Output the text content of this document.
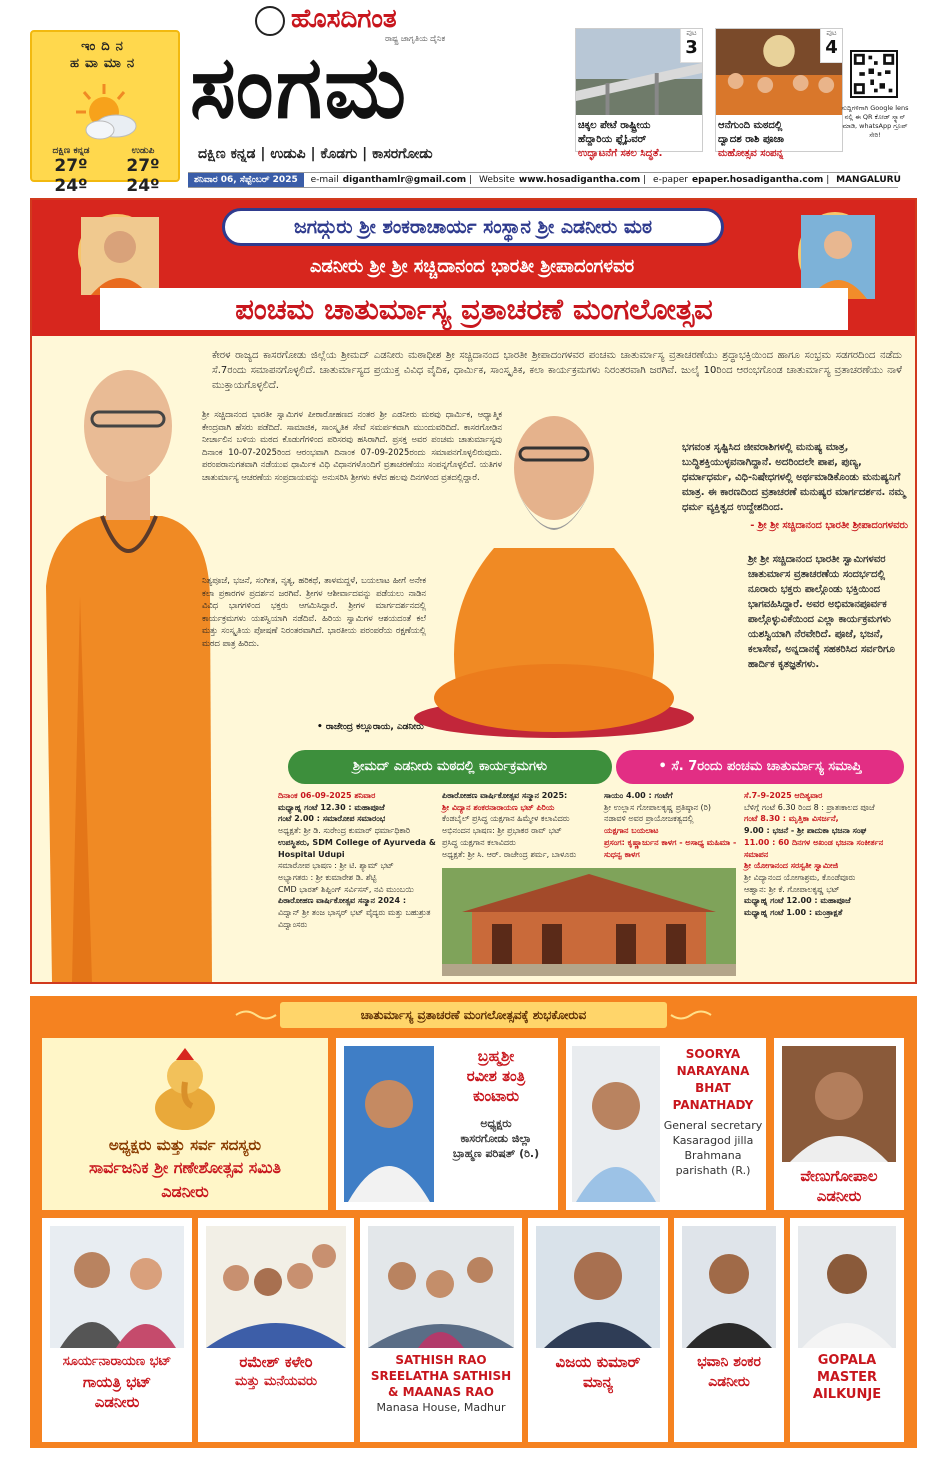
ಇಂದಿನ
ಹವಾಮಾನ
ದಕ್ಷಿಣ ಕನ್ನಡ
27º 24º
ಉಡುಪಿ
27º 24º
ಹೊಸದಿಗಂತ
ರಾಷ್ಟ್ರ ಜಾಗೃತಿಯ ದೈನಿಕ
ಸಂಗಮ
ದಕ್ಷಿಣ ಕನ್ನಡ | ಉಡುಪಿ | ಕೊಡಗು | ಕಾಸರಗೋಡು
ಪುಟ
3
ಚಿಕ್ಕಲ ಪೇಟೆ ರಾಷ್ಟ್ರೀಯ
ಹೆದ್ದಾರಿಯ ಫ್ಲೈಓವರ್
ಉದ್ಘಾಟನೆಗೆ ಸಕಲ ಸಿದ್ಧತೆ.
ಪುಟ
4
ಆನೆಗುಂದಿ ಮಠದಲ್ಲಿ
ದ್ವಾದಶ ರಾಶಿ ಪೂಜಾ
ಮಹೋತ್ಸವ ಸಂಪನ್ನ
ಸುದ್ದಿಗಳಿಗಾಗಿ Google lens ನಲ್ಲಿ ಈ QR ಕೋಡ್ ಸ್ಕ್ಯಾನ್ ಮಾಡಿ, whatsApp ಗ್ರೂಪ್ ಸೇರಿ!
ಶನಿವಾರ 06, ಸೆಪ್ಟೆಂಬರ್ 2025 e-mail diganthamlr@gmail.com | Website www.hosadigantha.com | e-paper epaper.hosadigantha.com | MANGALURU
ಜಗದ್ಗುರು ಶ್ರೀ ಶಂಕರಾಚಾರ್ಯ ಸಂಸ್ಥಾನ ಶ್ರೀ ಎಡನೀರು ಮಠ
ಎಡನೀರು ಶ್ರೀ ಶ್ರೀ ಸಚ್ಚಿದಾನಂದ ಭಾರತೀ ಶ್ರೀಪಾದಂಗಳವರ
ಪಂಚಮ ಚಾತುರ್ಮಾಸ್ಯ ವ್ರತಾಚರಣೆ ಮಂಗಲೋತ್ಸವ
ಕೇರಳ ರಾಜ್ಯದ ಕಾಸರಗೋಡು ಜಿಲ್ಲೆಯ ಶ್ರೀಮದ್ ಎಡನೀರು ಮಠಾಧೀಶ ಶ್ರೀ ಸಚ್ಚಿದಾನಂದ ಭಾರತೀ ಶ್ರೀಪಾದಂಗಳವರ ಪಂಚಮ ಚಾತುರ್ಮಾಸ್ಯ ವ್ರತಾಚರಣೆಯು ಶ್ರದ್ಧಾಭಕ್ತಿಯಿಂದ ಹಾಗೂ ಸಂಭ್ರಮ ಸಡಗರದಿಂದ ನಡೆದು ಸೆ.7ರಂದು ಸಮಾಪನಗೊಳ್ಳಲಿದೆ. ಚಾತುರ್ಮಾಸ್ಯದ ಪ್ರಯುಕ್ತ ವಿವಿಧ ವೈದಿಕ, ಧಾರ್ಮಿಕ, ಸಾಂಸ್ಕೃತಿಕ, ಕಲಾ ಕಾರ್ಯಕ್ರಮಗಳು ನಿರಂತರವಾಗಿ ಜರಗಿವೆ. ಜುಲೈ 10ರಿಂದ ಆರಂಭಗೊಂಡ ಚಾತುರ್ಮಾಸ್ಯ ವ್ರತಾಚರಣೆಯು ನಾಳೆ ಮುಕ್ತಾಯಗೊಳ್ಳಲಿದೆ.
ಶ್ರೀ ಸಚ್ಚಿದಾನಂದ ಭಾರತೀ ಸ್ವಾಮಿಗಳ ಪೀಠಾರೋಹಣದ ನಂತರ ಶ್ರೀ ಎಡನೀರು ಮಠವು ಧಾರ್ಮಿಕ, ಆಧ್ಯಾತ್ಮಿಕ ಕೇಂದ್ರವಾಗಿ ಹೆಸರು ಪಡೆದಿದೆ. ಸಾಮಾಜಿಕ, ಸಾಂಸ್ಕೃತಿಕ ಸೇವೆ ಸಮರ್ಪಕವಾಗಿ ಮುಂದುವರಿದಿದೆ. ಕಾಸರಗೋಡಿನ ನೀರ್ಚಾಲಿನ ಬಳಿಯ ಮಠದ ಕೊಡುಗೆಗಳಿಂದ ಪರಿಸರವು ಹಸಿರಾಗಿದೆ. ಪ್ರಸಕ್ತ ಅವರ ಪಂಚಮ ಚಾತುರ್ಮಾಸ್ಯವು ದಿನಾಂಕ 10-07-2025ರಿಂದ ಆರಂಭವಾಗಿ ದಿನಾಂಕ 07-09-2025ರಂದು ಸಮಾಪನಗೊಳ್ಳಲಿರುವುದು. ಪರಂಪರಾನುಗತವಾಗಿ ನಡೆಯುವ ಧಾರ್ಮಿಕ ವಿಧಿ ವಿಧಾನಗಳೊಂದಿಗೆ ವ್ರತಾಚರಣೆಯು ಸಂಪನ್ನಗೊಳ್ಳಲಿದೆ. ಯತಿಗಳ ಚಾತುರ್ಮಾಸ್ಯ ಆಚರಣೆಯ ಸಂಪ್ರದಾಯವನ್ನು ಅನುಸರಿಸಿ ಶ್ರೀಗಳು ಕಳೆದ ಹಲವು ದಿನಗಳಿಂದ ವ್ರತದಲ್ಲಿದ್ದಾರೆ.
ನಿತ್ಯಪೂಜೆ, ಭಜನೆ, ಸಂಗೀತ, ನೃತ್ಯ, ಹರಿಕಥೆ, ತಾಳಮದ್ದಳೆ, ಬಯಲಾಟ ಹೀಗೆ ಅನೇಕ ಕಲಾ ಪ್ರಕಾರಗಳ ಪ್ರದರ್ಶನ ಜರಗಿವೆ. ಶ್ರೀಗಳ ಆಶೀರ್ವಾದವನ್ನು ಪಡೆಯಲು ನಾಡಿನ ವಿವಿಧ ಭಾಗಗಳಿಂದ ಭಕ್ತರು ಆಗಮಿಸಿದ್ದಾರೆ. ಶ್ರೀಗಳ ಮಾರ್ಗದರ್ಶನದಲ್ಲಿ ಕಾರ್ಯಕ್ರಮಗಳು ಯಶಸ್ವಿಯಾಗಿ ನಡೆದಿವೆ. ಹಿರಿಯ ಸ್ವಾಮಿಗಳ ಆಶಯದಂತೆ ಕಲೆ ಮತ್ತು ಸಂಸ್ಕೃತಿಯ ಪೋಷಣೆ ನಿರಂತರವಾಗಿದೆ. ಭಾರತೀಯ ಪರಂಪರೆಯ ರಕ್ಷಣೆಯಲ್ಲಿ ಮಠದ ಪಾತ್ರ ಹಿರಿದು.
• ರಾಜೇಂದ್ರ ಕಲ್ಲೂರಾಯ, ಎಡನೀರು
ಭಗವಂತ ಸೃಷ್ಟಿಸಿದ ಜೀವರಾಶಿಗಳಲ್ಲಿ ಮನುಷ್ಯ ಮಾತ್ರ, ಬುದ್ಧಿಶಕ್ತಿಯುಳ್ಳವನಾಗಿದ್ದಾನೆ. ಅದರಿಂದಲೇ ಪಾಪ, ಪುಣ್ಯ, ಧರ್ಮಾಧರ್ಮ, ವಿಧಿ-ನಿಷೇಧಗಳಲ್ಲಿ ಅರ್ಥಮಾಡಿಕೊಂಡು ಮನುಷ್ಯನಿಗೆ ಮಾತ್ರ. ಈ ಕಾರಣದಿಂದ ವ್ರತಾಚರಣೆ ಮನುಷ್ಯರ ಮಾರ್ಗದರ್ಶನ. ನಮ್ಮ ಧರ್ಮ ವ್ಯಕ್ತಿತ್ವದ ಉದ್ದೇಶದಿಂದ.
- ಶ್ರೀ ಶ್ರೀ ಸಚ್ಚಿದಾನಂದ ಭಾರತೀ ಶ್ರೀಪಾದಂಗಳವರು
ಶ್ರೀ ಶ್ರೀ ಸಚ್ಚಿದಾನಂದ ಭಾರತೀ ಸ್ವಾಮಿಗಳವರ ಚಾತುರ್ಮಾಸ ವ್ರತಾಚರಣೆಯ ಸಂದರ್ಭದಲ್ಲಿ ನೂರಾರು ಭಕ್ತರು ಪಾಲ್ಗೊಂಡು ಭಕ್ತಿಯಿಂದ ಭಾಗವಹಿಸಿದ್ದಾರೆ. ಅವರ ಅಭಿಮಾನಪೂರ್ವಕ ಪಾಲ್ಗೊಳ್ಳುವಿಕೆಯಿಂದ ಎಲ್ಲಾ ಕಾರ್ಯಕ್ರಮಗಳು ಯಶಸ್ವಿಯಾಗಿ ನೆರವೇರಿದೆ. ಪೂಜೆ, ಭಜನೆ, ಕಲಾಸೇವೆ, ಅನ್ನದಾನಕ್ಕೆ ಸಹಕರಿಸಿದ ಸರ್ವರಿಗೂ ಹಾರ್ದಿಕ ಕೃತಜ್ಞತೆಗಳು.
ಶ್ರೀಮದ್ ಎಡನೀರು ಮಠದಲ್ಲಿ ಕಾರ್ಯಕ್ರಮಗಳು	• ಸೆ. 7ರಂದು ಪಂಚಮ ಚಾತುರ್ಮಾಸ್ಯ ಸಮಾಪ್ತಿ
ದಿನಾಂಕ 06-09-2025 ಶನಿವಾರ
ಮಧ್ಯಾಹ್ನ ಗಂಟೆ 12.30 : ಮಹಾಪೂಜೆ
ಗಂಟೆ 2.00 : ಸಮಾರೋಪ ಸಮಾರಂಭ
ಅಧ್ಯಕ್ಷತೆ: ಶ್ರೀ ಡಿ. ಸುರೇಂದ್ರ ಕುಮಾರ್ ಧರ್ಮಾಧಿಕಾರಿ
ಉಪಸ್ಥಿತರು, SDM College of Ayurveda & Hospital Udupi
ಸಮಾರೋಪ ಭಾಷಣ : ಶ್ರೀ ಟಿ. ಶ್ಯಾಮ್ ಭಟ್
ಅಭ್ಯಾಗತರು : ಶ್ರೀ ಕುಮಾರೇಶ ಡಿ. ಶೆಟ್ಟಿ
CMD ಭಾರತ್ ಶಿಪ್ಪಿಂಗ್ ಸರ್ವಿಸಸ್, ನವಿ ಮುಂಬಯಿ
ಪಿಠಾರೋಹಣ ವಾರ್ಷಿಕೋತ್ಸವ ಸನ್ಮಾನ 2024 :
ವಿದ್ವಾನ್ ಶ್ರೀ ತಂಜ ಭಾಸ್ಕರ್ ಭಟ್ ವೈದ್ಯರು ಮತ್ತು ಬಹುಶ್ರುತ ವಿದ್ವಾಂಸರು
ಪಿಠಾರೋಹಣ ವಾರ್ಷಿಕೋತ್ಸವ ಸನ್ಮಾನ 2025:
ಶ್ರೀ ವಿದ್ಯಾನ ಶಂಕರನಾರಾಯಣ ಭಟ್ ಪಿರಿಯ
ಕೆಂಡಬೈಲ್ ಪ್ರಸಿದ್ಧ ಯಕ್ಷಗಾನ ಹಿಮ್ಮೇಳ ಕಲಾವಿದರು
ಅಭಿನಂದನ ಭಾಷಣ: ಶ್ರೀ ಪ್ರಭಾಕರ ರಾವ್ ಭಟ್
ಪ್ರಸಿದ್ಧ ಯಕ್ಷಗಾನ ಕಲಾವಿದರು
ಅಧ್ಯಕ್ಷತೆ: ಶ್ರೀ ಸಿ. ಆರ್. ರಾಜೇಂದ್ರ ಶರ್ಮ, ಬಾಳೂರು
ಸಾಯಂ 4.00 : ಗಂಟೆಗೆ
ಶ್ರೀ ಉಲ್ಲಾಸ ಗೋಪಾಲಕೃಷ್ಣ ಪ್ರತಿಷ್ಠಾನ (ರಿ)
ನಡಾವಳಿ ಅವರ ಪ್ರಾಯೋಜಕತ್ವದಲ್ಲಿ
ಯಕ್ಷಗಾನ ಬಯಲಾಟ
ಪ್ರಸಂಗ: ಕೃಷ್ಣಾರ್ಜುನ ಕಾಳಗ - ಅಸಾಧ್ಯ ಮಹಿಮಾ - ಸುಧನ್ವ ಕಾಳಗ
ಸೆ.7-9-2025 ಆದಿತ್ಯವಾರ
ಬೆಳಿಗ್ಗೆ ಗಂಟೆ 6.30 ರಿಂದ 8 : ಪ್ರಾತಃಕಾಲದ ಪೂಜೆ
ಗಂಟೆ 8.30 : ಮೃತ್ತಿಕಾ ವಿಸರ್ಜನೆ,
9.00 : ಭಜನೆ - ಶ್ರೀ ಪಾದುಕಾ ಭಜನಾ ಸಂಘ
11.00 : 60 ದಿನಗಳ ಅಖಂಡ ಭಜನಾ ಸಂಕೀರ್ತನ ಸಮಾಪನ
ಶ್ರೀ ಯೋಗಾನಂದ ಸರಸ್ವತೀ ಸ್ವಾಮೀಜಿ
ಶ್ರೀ ವಿದ್ಯಾನಂದ ಯೋಗಾಶ್ರಮ, ಕೊಂಡೆವೂರು
ಆಹ್ವಾನ: ಶ್ರೀ ಕೆ. ಗೋಪಾಲಕೃಷ್ಣ ಭಟ್
ಮಧ್ಯಾಹ್ನ ಗಂಟೆ 12.00 : ಮಹಾಪೂಜೆ
ಮಧ್ಯಾಹ್ನ ಗಂಟೆ 1.00 : ಮಂತ್ರಾಕ್ಷತೆ
ಚಾತುರ್ಮಾಸ್ಯ ವ್ರತಾಚರಣೆ ಮಂಗಲೋತ್ಸವಕ್ಕೆ ಶುಭಕೋರುವ
ಅಧ್ಯಕ್ಷರು ಮತ್ತು ಸರ್ವ ಸದಸ್ಯರು
ಸಾರ್ವಜನಿಕ ಶ್ರೀ ಗಣೇಶೋತ್ಸವ ಸಮಿತಿ
ಎಡನೀರು
ಬ್ರಹ್ಮಶ್ರೀ
ರವೀಶ ತಂತ್ರಿ
ಕುಂಟಾರು
ಅಧ್ಯಕ್ಷರು
ಕಾಸರಗೋಡು ಜಿಲ್ಲಾ
ಬ್ರಾಹ್ಮಣ ಪರಿಷತ್ (ರಿ.)
SOORYA
NARAYANA
BHAT
PANATHADY
General secretary
Kasaragod jilla
Brahmana
parishath (R.)	ವೇಣುಗೋಪಾಲ
ಎಡನೀರು
ಸೂರ್ಯನಾರಾಯಣ ಭಟ್
ಗಾಯತ್ರಿ ಭಟ್
ಎಡನೀರು
ರಮೇಶ್ ಕಳೇರಿ
ಮತ್ತು ಮನೆಯವರು
SATHISH RAO
SREELATHA SATHISH
& MAANAS RAO
Manasa House, Madhur
ವಿಜಯ ಕುಮಾರ್
ಮಾನ್ಯ
ಭವಾನಿ ಶಂಕರ
ಎಡನೀರು
GOPALA
MASTER
AILKUNJE
